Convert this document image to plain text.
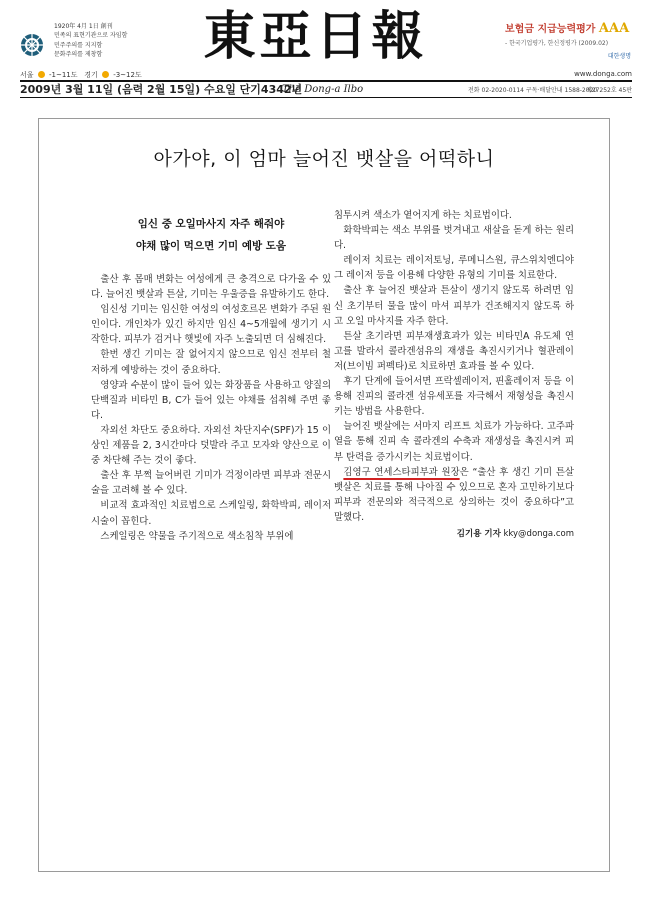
1920年 4月 1日 創刊
민족의 표현기관으로 자임함
민주주의를 지지함
문화주의를 제창함	東亞日報	보험금 지급능력평가 AAA
- 한국기업평가, 한신정평가 (2009.02)
대한생명
서울 -1~11도 경기 -3~12도	www.donga.com
2009년 3월 11일 (음력 2월 15일) 수요일 단기4342년
The Dong-a Ilbo	전화 02-2020-0114 구독·배달안내 1588-2020
제27252호 45판
아가야, 이 엄마 늘어진 뱃살을 어떡하니
임신 중 오일마사지 자주 해줘야
야채 많이 먹으면 기미 예방 도움

출산 후 몸매 변화는 여성에게 큰 충격으로 다가올 수 있다. 늘어진 뱃살과 튼살, 기미는 우울증을 유발하기도 한다.

임신성 기미는 임신한 여성의 여성호르몬 변화가 주된 원인이다. 개인차가 있긴 하지만 임신 4~5개월에 생기기 시작한다. 피부가 검거나 햇빛에 자주 노출되면 더 심해진다.

한번 생긴 기미는 잘 없어지지 않으므로 임신 전부터 철저하게 예방하는 것이 중요하다.

영양과 수분이 많이 들어 있는 화장품을 사용하고 양질의 단백질과 비타민 B, C가 들어 있는 야채를 섭취해 주면 좋다.

자외선 차단도 중요하다. 자외선 차단지수(SPF)가 15 이상인 제품을 2, 3시간마다 덧발라 주고 모자와 양산으로 이중 차단해 주는 것이 좋다.

출산 후 부쩍 늘어버린 기미가 걱정이라면 피부과 전문시술을 고려해 볼 수 있다.

비교적 효과적인 치료법으로 스케일링, 화학박피, 레이저 시술이 꼽힌다.

스케일링은 약물을 주기적으로 색소침착 부위에

침투시켜 색소가 옅어지게 하는 치료법이다.

화학박피는 색소 부위를 벗겨내고 새살을 돋게 하는 원리다.

레이저 치료는 레이저토닝, 루메니스원, 큐스위치엔디야그 레이저 등을 이용해 다양한 유형의 기미를 치료한다.

출산 후 늘어진 뱃살과 튼살이 생기지 않도록 하려면 임신 초기부터 물을 많이 마셔 피부가 건조해지지 않도록 하고 오일 마사지를 자주 한다.

튼살 초기라면 피부재생효과가 있는 비타민A 유도체 연고를 발라서 콜라겐섬유의 재생을 촉진시키거나 혈관레이저(브이빔 퍼펙타)로 치료하면 효과를 볼 수 있다.

후기 단계에 들어서면 프락셀레이저, 핀홀레이저 등을 이용해 진피의 콜라겐 섬유세포를 자극해서 재형성을 촉진시키는 방법을 사용한다.

늘어진 뱃살에는 서마지 리프트 치료가 가능하다. 고주파열을 통해 진피 속 콜라겐의 수축과 재생성을 촉진시켜 피부 탄력을 증가시키는 치료법이다.

김영구 연세스타피부과 원장은 “출산 후 생긴 기미 튼살 뱃살은 치료를 통해 나아질 수 있으므로 혼자 고민하기보다 피부과 전문의와 적극적으로 상의하는 것이 중요하다”고 말했다.

김기용 기자 kky@donga.com
